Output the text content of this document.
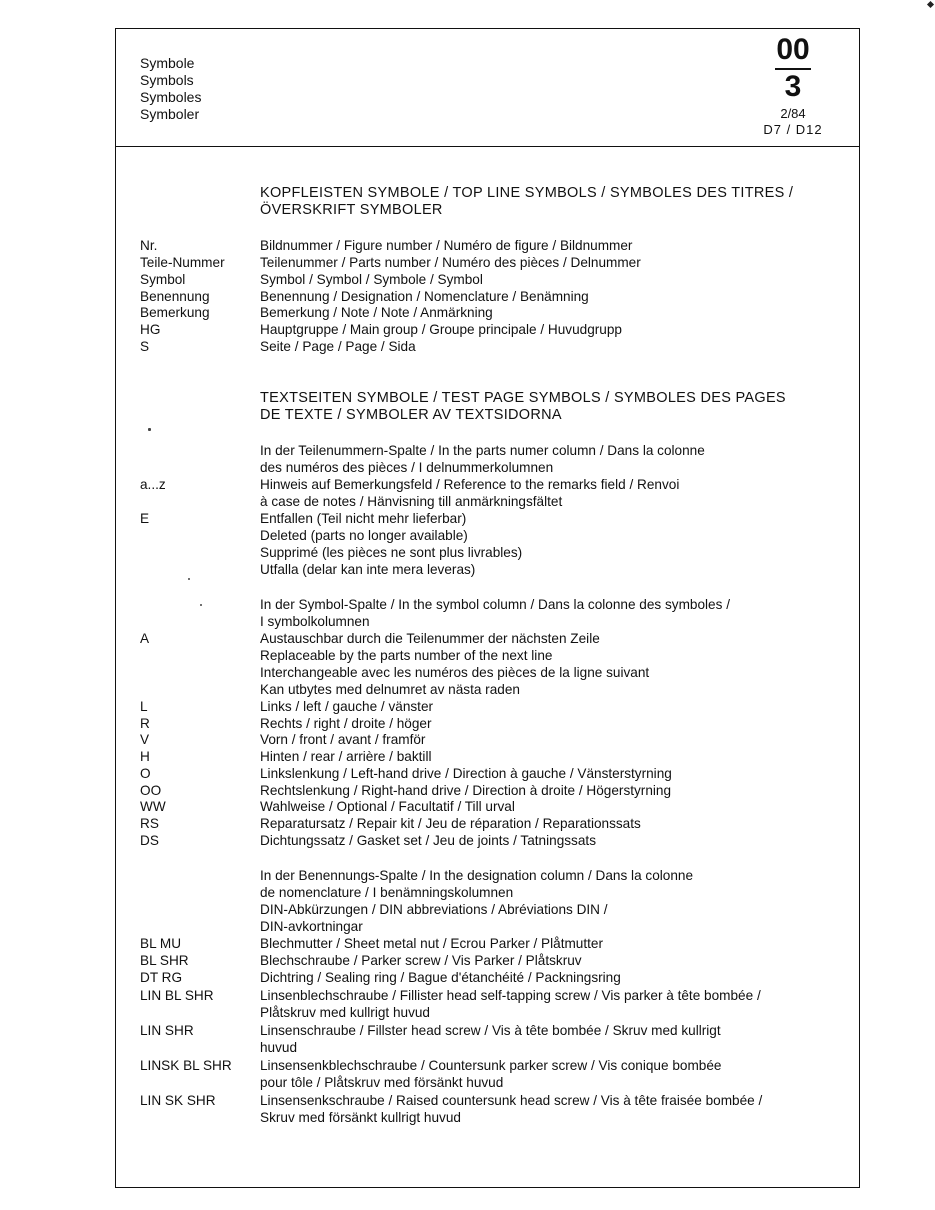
Symbole
Symbols
Symboles
Symboler
00
3
2/84
D7 / D12
KOPFLEISTEN SYMBOLE / TOP LINE SYMBOLS / SYMBOLES DES TITRES /
ÖVERSKRIFT SYMBOLER
Nr.	Bildnummer / Figure number / Numéro de figure / Bildnummer
Teile-Nummer	Teilenummer / Parts number / Numéro des pièces / Delnummer
Symbol	Symbol / Symbol / Symbole / Symbol
Benennung	Benennung / Designation / Nomenclature / Benämning
Bemerkung	Bemerkung / Note / Note / Anmärkning
HG	Hauptgruppe / Main group / Groupe principale / Huvudgrupp
S	Seite / Page / Page / Sida
TEXTSEITEN SYMBOLE / TEST PAGE SYMBOLS / SYMBOLES DES PAGES
DE TEXTE / SYMBOLER AV TEXTSIDORNA
In der Teilenummern-Spalte / In the parts numer column / Dans la colonne
des numéros des pièces / I delnummerkolumnen
a...z	Hinweis auf Bemerkungsfeld / Reference to the remarks field / Renvoi
à case de notes / Hänvisning till anmärkningsfältet
E	Entfallen (Teil nicht mehr lieferbar)
Deleted (parts no longer available)
Supprimé (les pièces ne sont plus livrables)
Utfalla (delar kan inte mera leveras)
In der Symbol-Spalte / In the symbol column / Dans la colonne des symboles /
I symbolkolumnen
A	Austauschbar durch die Teilenummer der nächsten Zeile
Replaceable by the parts number of the next line
Interchangeable avec les numéros des pièces de la ligne suivant
Kan utbytes med delnumret av nästa raden
L	Links / left / gauche / vänster
R	Rechts / right / droite / höger
V	Vorn / front / avant / framför
H	Hinten / rear / arrière / baktill
O	Linkslenkung / Left-hand drive / Direction à gauche / Vänsterstyrning
OO	Rechtslenkung / Right-hand drive / Direction à droite / Högerstyrning
WW	Wahlweise / Optional / Facultatif / Till urval
RS	Reparatursatz / Repair kit / Jeu de réparation / Reparationssats
DS	Dichtungssatz / Gasket set / Jeu de joints / Tatningssats
In der Benennungs-Spalte / In the designation column / Dans la colonne
de nomenclature / I benämningskolumnen
DIN-Abkürzungen / DIN abbreviations / Abréviations DIN /
DIN-avkortningar
BL MU	Blechmutter / Sheet metal nut / Ecrou Parker / Plåtmutter
BL SHR	Blechschraube / Parker screw / Vis Parker / Plåtskruv
DT RG	Dichtring / Sealing ring / Bague d'étanchéité / Packningsring
LIN BL SHR	Linsenblechschraube / Fillister head self-tapping screw / Vis parker à tête bombée /
Plåtskruv med kullrigt huvud
LIN SHR	Linsenschraube / Fillster head screw / Vis à tête bombée / Skruv med kullrigt
huvud
LINSK BL SHR Linsensenkblechschraube / Countersunk parker screw / Vis conique bombée
pour tôle / Plåtskruv med försänkt huvud
LIN SK SHR	Linsensenkschraube / Raised countersunk head screw / Vis à tête fraisée bombée /
Skruv med försänkt kullrigt huvud
